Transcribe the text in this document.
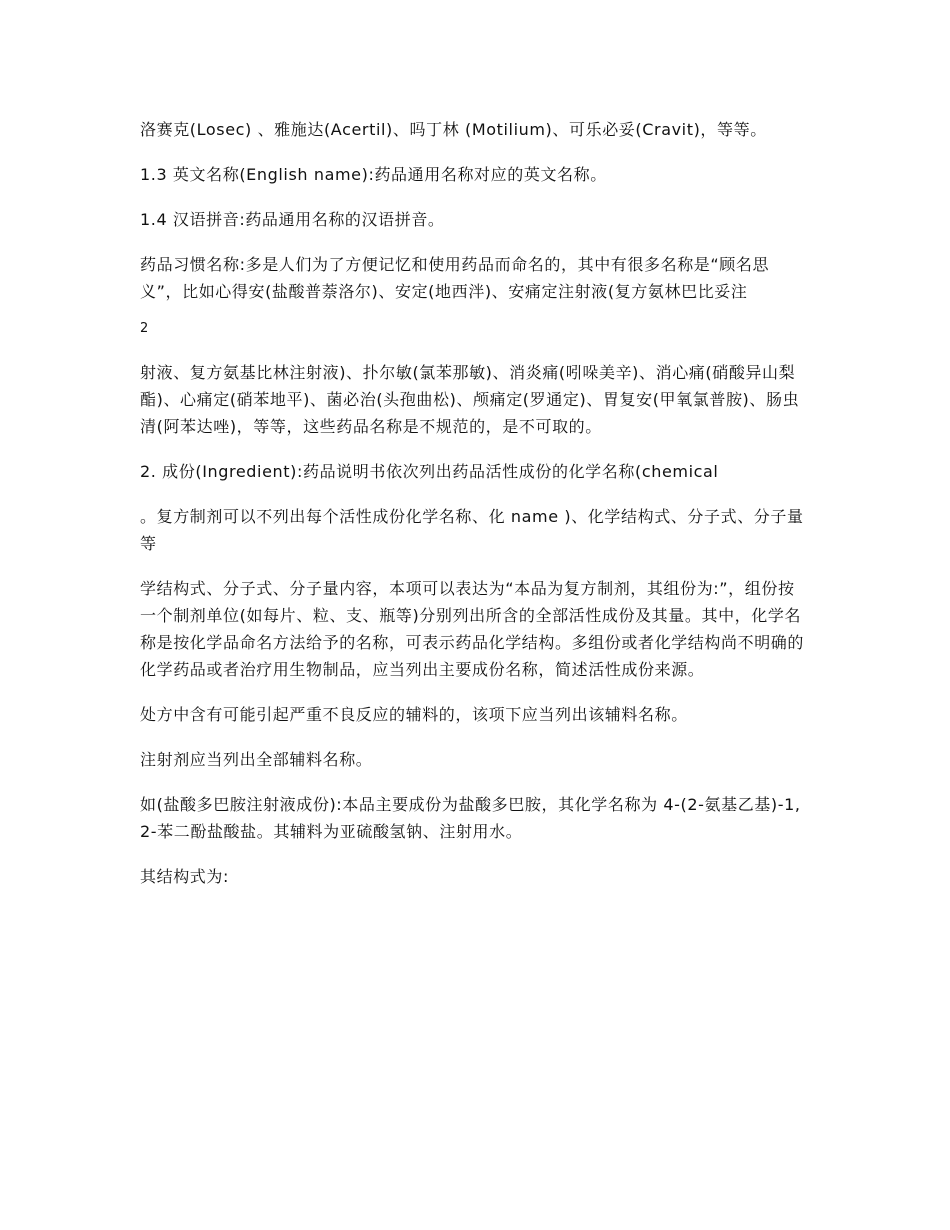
洛赛克(Losec) 、雅施达(Acertil)、吗丁林 (Motilium)、可乐必妥(Cravit)，等等。

1.3 英文名称(English name):药品通用名称对应的英文名称。

1.4 汉语拼音:药品通用名称的汉语拼音。

药品习惯名称:多是人们为了方便记忆和使用药品而命名的，其中有很多名称是“顾名思义”，比如心得安(盐酸普萘洛尔)、安定(地西泮)、安痛定注射液(复方氨林巴比妥注

2

射液、复方氨基比林注射液)、扑尔敏(氯苯那敏)、消炎痛(吲哚美辛)、消心痛(硝酸异山梨酯)、心痛定(硝苯地平)、菌必治(头孢曲松)、颅痛定(罗通定)、胃复安(甲氧氯普胺)、肠虫清(阿苯达唑)，等等，这些药品名称是不规范的，是不可取的。

2. 成份(Ingredient):药品说明书依次列出药品活性成份的化学名称(chemical

。复方制剂可以不列出每个活性成份化学名称、化 name )、化学结构式、分子式、分子量等

学结构式、分子式、分子量内容，本项可以表达为“本品为复方制剂，其组份为:”，组份按一个制剂单位(如每片、粒、支、瓶等)分别列出所含的全部活性成份及其量。其中，化学名称是按化学品命名方法给予的名称，可表示药品化学结构。多组份或者化学结构尚不明确的化学药品或者治疗用生物制品，应当列出主要成份名称，简述活性成份来源。

处方中含有可能引起严重不良反应的辅料的，该项下应当列出该辅料名称。

注射剂应当列出全部辅料名称。

如(盐酸多巴胺注射液成份):本品主要成份为盐酸多巴胺，其化学名称为 4-(2-氨基乙基)-1,2-苯二酚盐酸盐。其辅料为亚硫酸氢钠、注射用水。

其结构式为:
